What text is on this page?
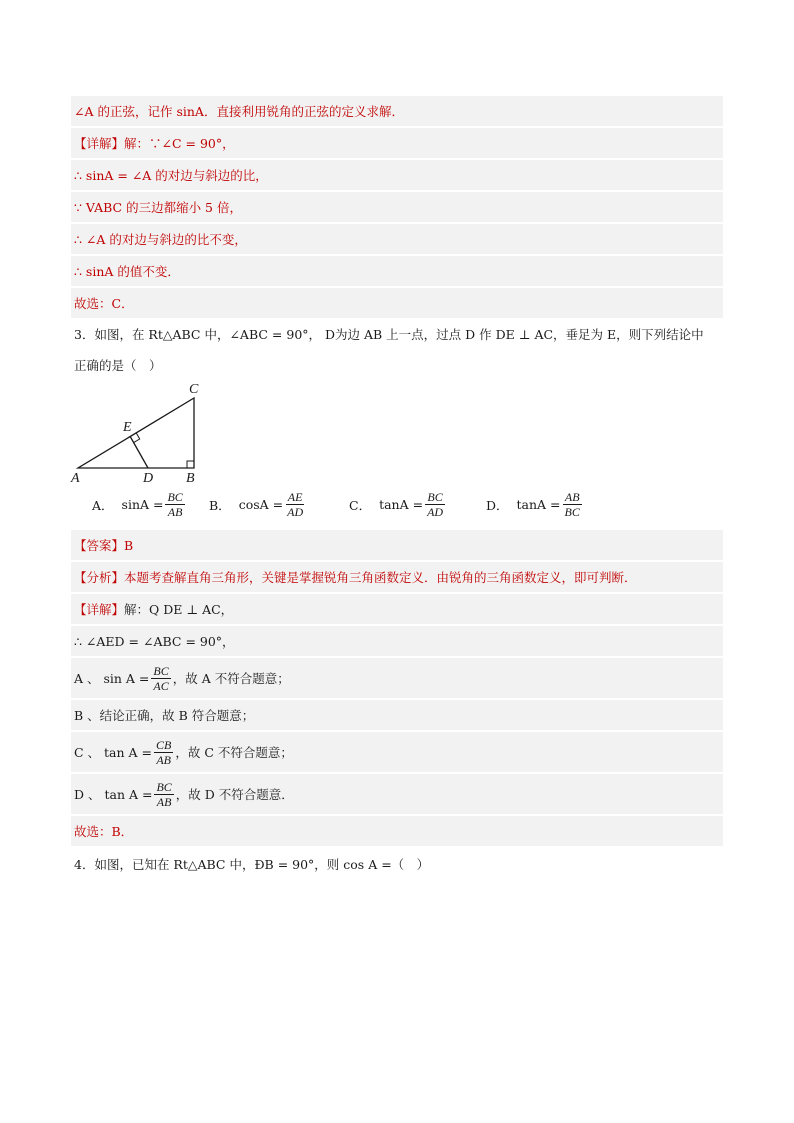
∠A 的正弦，记作 sinA．直接利用锐角的正弦的定义求解．
【详解】 解：∵∠C = 90°，
∴ sinA = ∠A 的对边与斜边的比，
∵ VABC 的三边都缩小 5 倍，
∴ ∠A 的对边与斜边的比不变，
∴ sinA 的值不变．
故选：C．
3．如图，在 Rt△ABC 中，∠ABC = 90°， D为边 AB 上一点，过点 D 作 DE ⊥ AC，垂足为 E，则下列结论中
正确的是（　）
A	D B
C
E
A． $\sin A = \frac{BC}{AB}$ B． $\cos A = \frac{AE}{AD}$	C． $\tan A = \frac{BC}{AD}$	D． $\tan A = \frac{AB}{BC}$
【答案】 B
【分析】 本题考查解直角三角形，关键是掌握锐角三角函数定义．由锐角的三角函数定义，即可判断．
【详解】 解：Q DE ⊥ AC，
∴ ∠AED = ∠ABC = 90°，
A 、 $\sin A = \frac{BC}{AC}$ ，故 A 不符合题意；
B 、结论正确，故 B 符合题意；
C 、 $\tan A = \frac{CB}{AB}$ ，故 C 不符合题意；
D 、 $\tan A = \frac{BC}{AB}$ ，故 D 不符合题意．
故选：B．
4．如图，已知在 Rt△ABC 中，ÐB = 90°，则 cos A =（　）
